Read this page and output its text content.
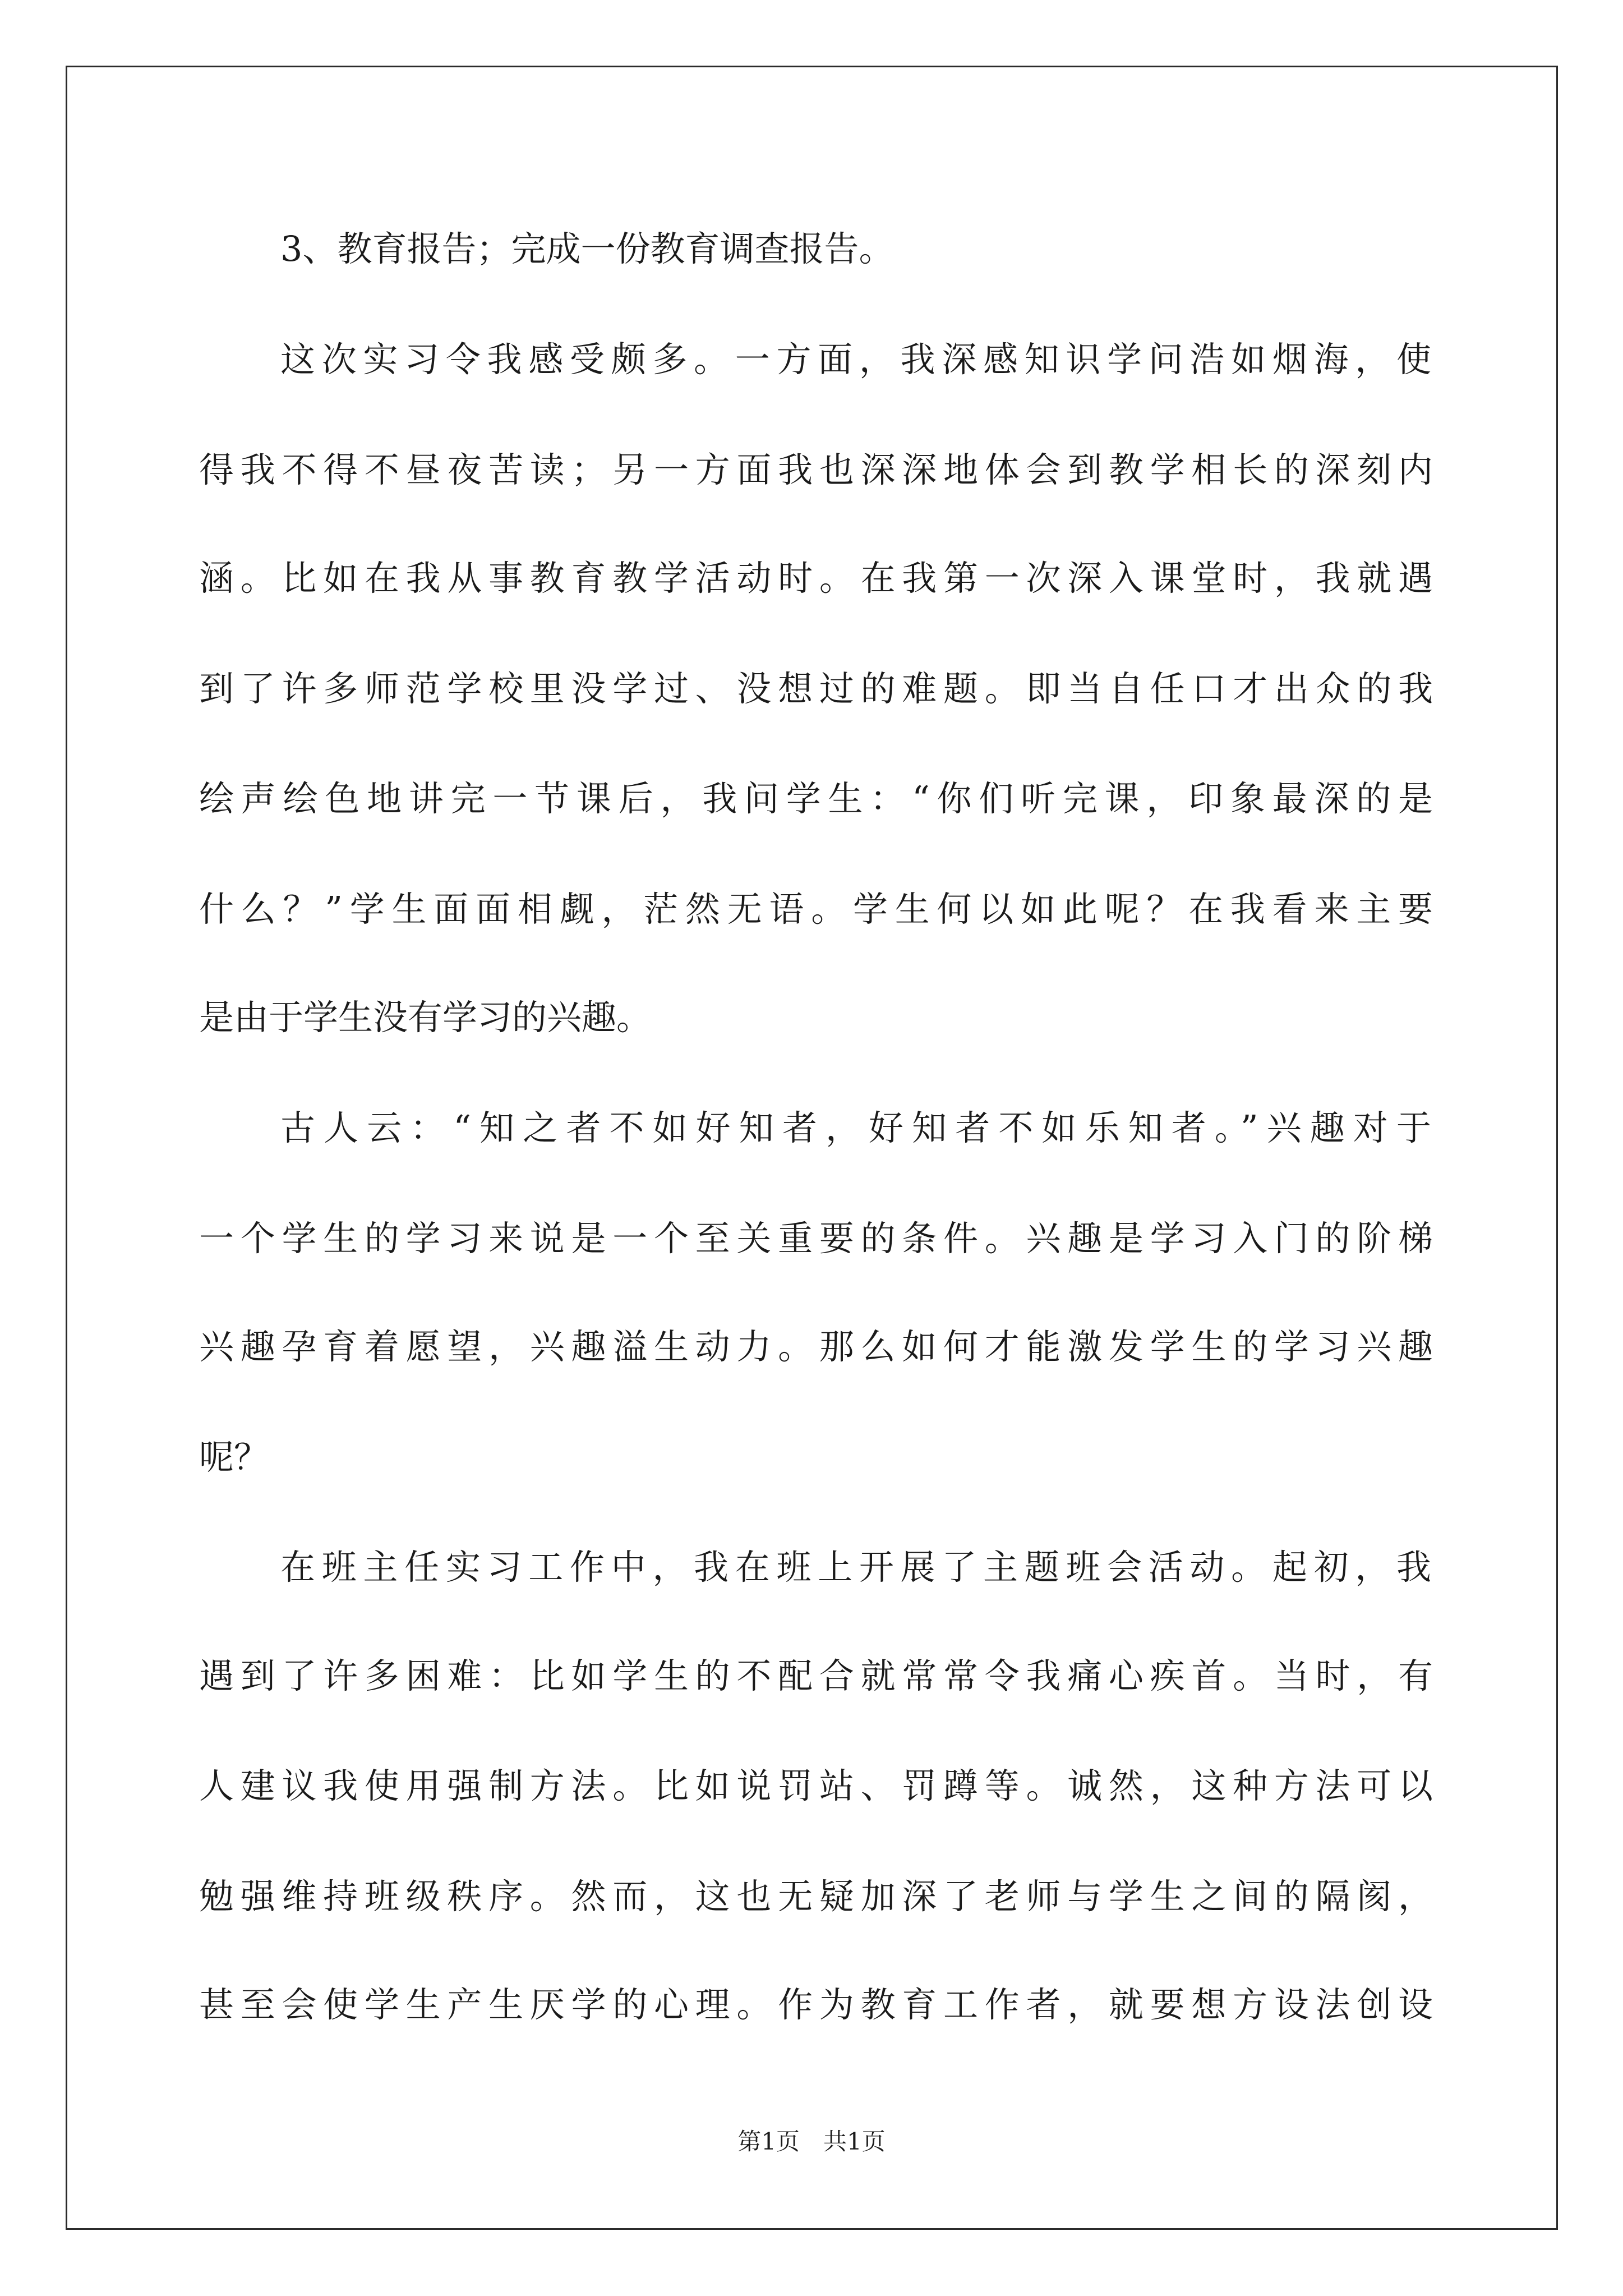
3、教育报告；完成一份教育调查报告。
这次实习令我感受颇多。一方面，我深感知识学问浩如烟海，使
得我不得不昼夜苦读；另一方面我也深深地体会到教学相长的深刻内
涵。比如在我从事教育教学活动时。在我第一次深入课堂时，我就遇
到了许多师范学校里没学过、没想过的难题。即当自任口才出众的我
绘声绘色地讲完一节课后，我问学生：“你们听完课，印象最深的是
什么？”学生面面相觑，茫然无语。学生何以如此呢？在我看来主要
是由于学生没有学习的兴趣。
古人云：“知之者不如好知者，好知者不如乐知者。”兴趣对于
一个学生的学习来说是一个至关重要的条件。兴趣是学习入门的阶梯
兴趣孕育着愿望，兴趣溢生动力。那么如何才能激发学生的学习兴趣
呢？
在班主任实习工作中，我在班上开展了主题班会活动。起初，我
遇到了许多困难：比如学生的不配合就常常令我痛心疾首。当时，有
人建议我使用强制方法。比如说罚站、罚蹲等。诚然，这种方法可以
勉强维持班级秩序。然而，这也无疑加深了老师与学生之间的隔阂，
甚至会使学生产生厌学的心理。作为教育工作者，就要想方设法创设
第1页　共1页
